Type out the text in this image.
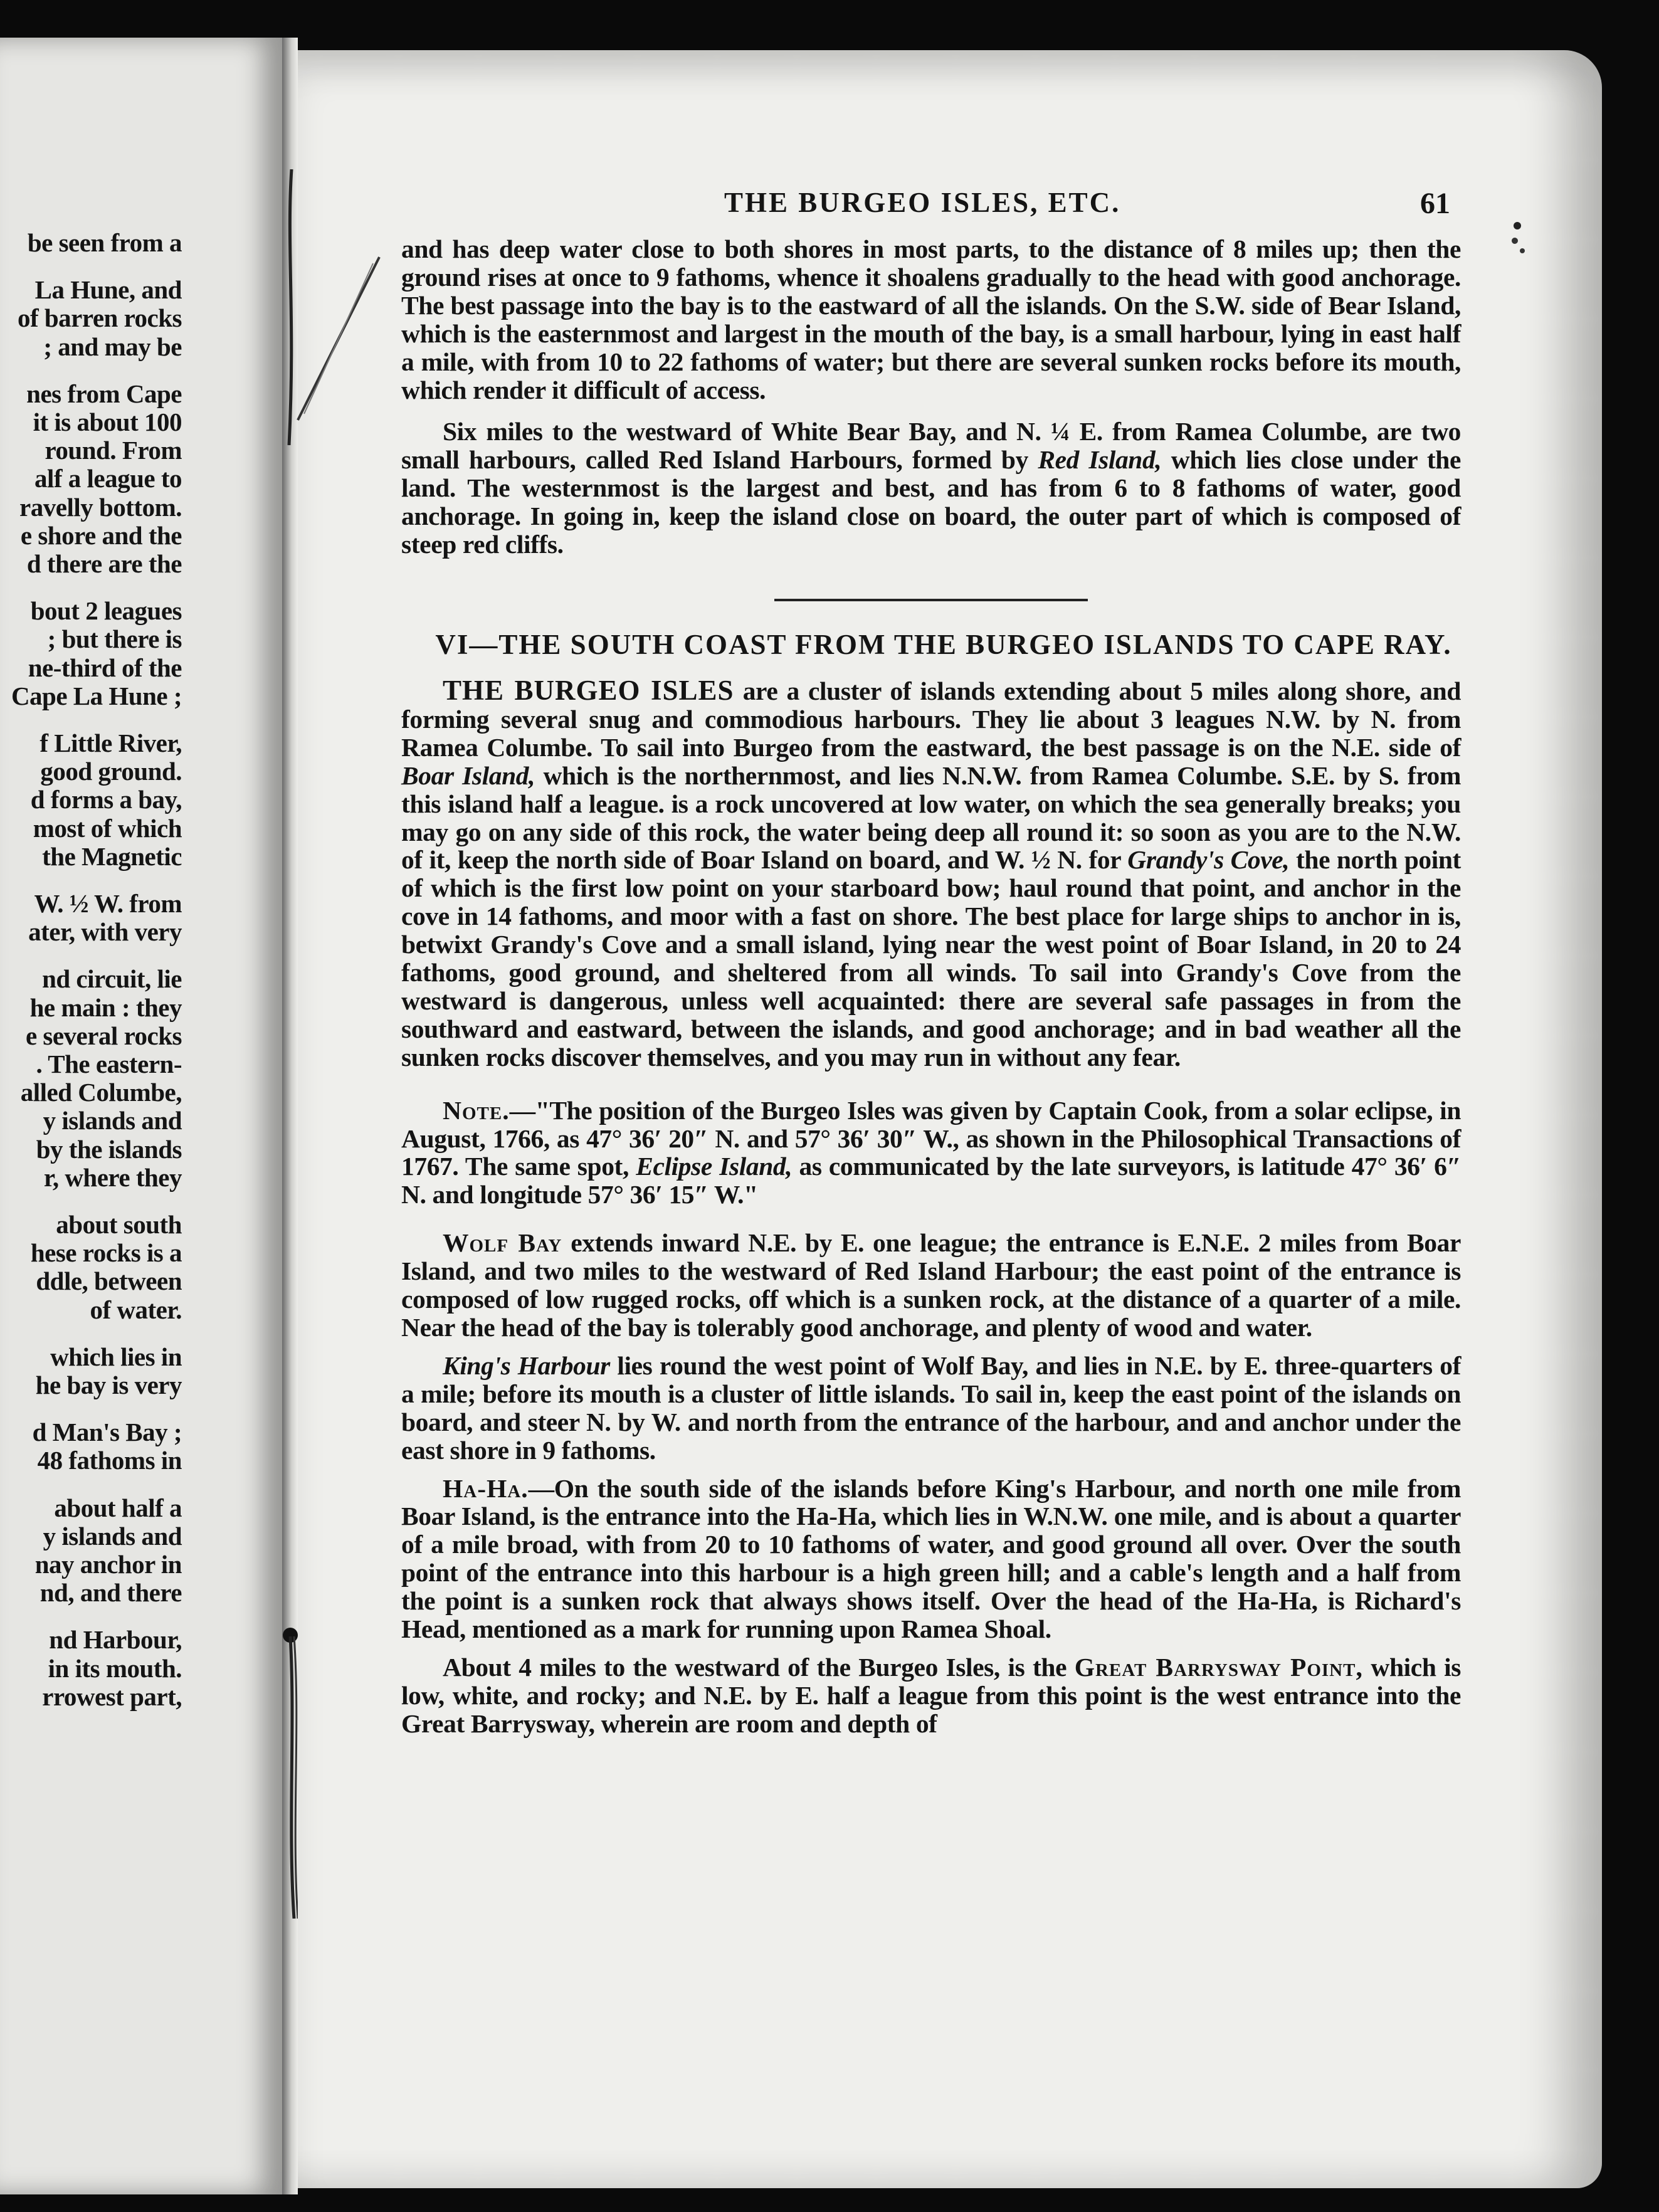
be seen from a
La Hune, and
of barren rocks
; and may be
nes from Cape
it is about 100
round. From
alf a league to
ravelly bottom.
e shore and the
d there are the
bout 2 leagues
; but there is
ne-third of the
Cape La Hune ;
f Little River,
good ground.
d forms a bay,
most of which
the Magnetic
W. ½ W. from
ater, with very
nd circuit, lie
he main : they
e several rocks
. The eastern-
alled Columbe,
y islands and
by the islands
r, where they
about south
hese rocks is a
ddle, between
of water.
which lies in
he bay is very
d Man's Bay ;
48 fathoms in
about half a
y islands and
nay anchor in
nd, and there
nd Harbour,
in its mouth.
rrowest part,
THE BURGEO ISLES, ETC.	61

and has deep water close to both shores in most parts, to the distance of 8 miles up; then the ground rises at once to 9 fathoms, whence it shoalens gradually to the head with good anchorage. The best passage into the bay is to the eastward of all the islands. On the S.W. side of Bear Island, which is the easternmost and largest in the mouth of the bay, is a small harbour, lying in east half a mile, with from 10 to 22 fathoms of water; but there are several sunken rocks before its mouth, which render it difficult of access.

Six miles to the westward of White Bear Bay, and N. ¼ E. from Ramea Columbe, are two small harbours, called Red Island Harbours, formed by Red Island, which lies close under the land. The westernmost is the largest and best, and has from 6 to 8 fathoms of water, good anchorage. In going in, keep the island close on board, the outer part of which is composed of steep red cliffs.

VI—THE SOUTH COAST FROM THE BURGEO ISLANDS TO CAPE RAY.

THE BURGEO ISLES are a cluster of islands extending about 5 miles along shore, and forming several snug and commodious harbours. They lie about 3 leagues N.W. by N. from Ramea Columbe. To sail into Burgeo from the eastward, the best passage is on the N.E. side of Boar Island, which is the northernmost, and lies N.N.W. from Ramea Columbe. S.E. by S. from this island half a league. is a rock uncovered at low water, on which the sea generally breaks; you may go on any side of this rock, the water being deep all round it: so soon as you are to the N.W. of it, keep the north side of Boar Island on board, and W. ½ N. for Grandy's Cove, the north point of which is the first low point on your starboard bow; haul round that point, and anchor in the cove in 14 fathoms, and moor with a fast on shore. The best place for large ships to anchor in is, betwixt Grandy's Cove and a small island, lying near the west point of Boar Island, in 20 to 24 fathoms, good ground, and sheltered from all winds. To sail into Grandy's Cove from the westward is dangerous, unless well acquainted: there are several safe passages in from the southward and eastward, between the islands, and good anchorage; and in bad weather all the sunken rocks discover themselves, and you may run in without any fear.

Note.—"The position of the Burgeo Isles was given by Captain Cook, from a solar eclipse, in August, 1766, as 47° 36′ 20″ N. and 57° 36′ 30″ W., as shown in the Philosophical Transactions of 1767. The same spot, Eclipse Island, as communicated by the late surveyors, is latitude 47° 36′ 6″ N. and longitude 57° 36′ 15″ W."

Wolf Bay extends inward N.E. by E. one league; the entrance is E.N.E. 2 miles from Boar Island, and two miles to the westward of Red Island Harbour; the east point of the entrance is composed of low rugged rocks, off which is a sunken rock, at the distance of a quarter of a mile. Near the head of the bay is tolerably good anchorage, and plenty of wood and water.

King's Harbour lies round the west point of Wolf Bay, and lies in N.E. by E. three-quarters of a mile; before its mouth is a cluster of little islands. To sail in, keep the east point of the islands on board, and steer N. by W. and north from the entrance of the harbour, and and anchor under the east shore in 9 fathoms.

Ha-Ha.—On the south side of the islands before King's Harbour, and north one mile from Boar Island, is the entrance into the Ha-Ha, which lies in W.N.W. one mile, and is about a quarter of a mile broad, with from 20 to 10 fathoms of water, and good ground all over. Over the south point of the entrance into this harbour is a high green hill; and a cable's length and a half from the point is a sunken rock that always shows itself. Over the head of the Ha-Ha, is Richard's Head, mentioned as a mark for running upon Ramea Shoal.

About 4 miles to the westward of the Burgeo Isles, is the Great Barrysway Point, which is low, white, and rocky; and N.E. by E. half a league from this point is the west entrance into the Great Barrysway, wherein are room and depth of
